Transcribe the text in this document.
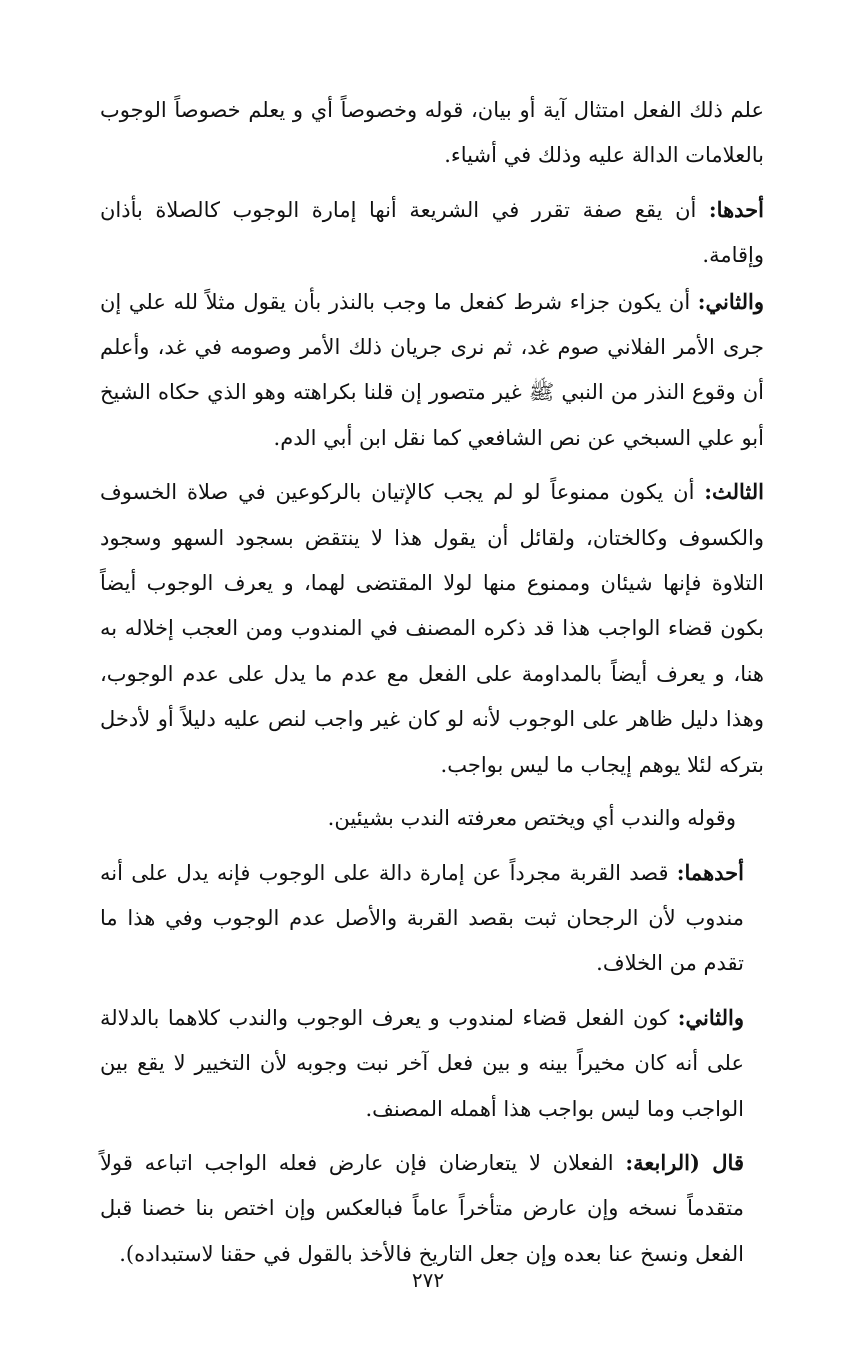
علم ذلك الفعل امتثال آية أو بيان، قوله وخصوصاً أي و يعلم خصوصاً الوجوب بالعلامات الدالة عليه وذلك في أشياء.

أحدها: أن يقع صفة تقرر في الشريعة أنها إمارة الوجوب كالصلاة بأذان وإقامة.

والثاني: أن يكون جزاء شرط كفعل ما وجب بالنذر بأن يقول مثلاً لله علي إن جرى الأمر الفلاني صوم غد، ثم نرى جريان ذلك الأمر وصومه في غد، وأعلم أن وقوع النذر من النبي ﷺ غير متصور إن قلنا بكراهته وهو الذي حكاه الشيخ أبو علي السبخي عن نص الشافعي كما نقل ابن أبي الدم.

الثالث: أن يكون ممنوعاً لو لم يجب كالإتيان بالركوعين في صلاة الخسوف والكسوف وكالختان، ولقائل أن يقول هذا لا ينتقض بسجود السهو وسجود التلاوة فإنها شيئان وممنوع منها لولا المقتضى لهما، و يعرف الوجوب أيضاً بكون قضاء الواجب هذا قد ذكره المصنف في المندوب ومن العجب إخلاله به هنا، و يعرف أيضاً بالمداومة على الفعل مع عدم ما يدل على عدم الوجوب، وهذا دليل ظاهر على الوجوب لأنه لو كان غير واجب لنص عليه دليلاً أو لأدخل بتركه لئلا يوهم إيجاب ما ليس بواجب.

وقوله والندب أي ويختص معرفته الندب بشيئين.

أحدهما: قصد القربة مجرداً عن إمارة دالة على الوجوب فإنه يدل على أنه مندوب لأن الرجحان ثبت بقصد القربة والأصل عدم الوجوب وفي هذا ما تقدم من الخلاف.

والثاني: كون الفعل قضاء لمندوب و يعرف الوجوب والندب كلاهما بالدلالة على أنه كان مخيراً بينه و بين فعل آخر نبت وجوبه لأن التخيير لا يقع بين الواجب وما ليس بواجب هذا أهمله المصنف.

قال (الرابعة: الفعلان لا يتعارضان فإن عارض فعله الواجب اتباعه قولاً متقدماً نسخه وإن عارض متأخراً عاماً فبالعكس وإن اختص بنا خصنا قبل الفعل ونسخ عنا بعده وإن جعل التاريخ فالأخذ بالقول في حقنا لاستبداده).

٢٧٢
